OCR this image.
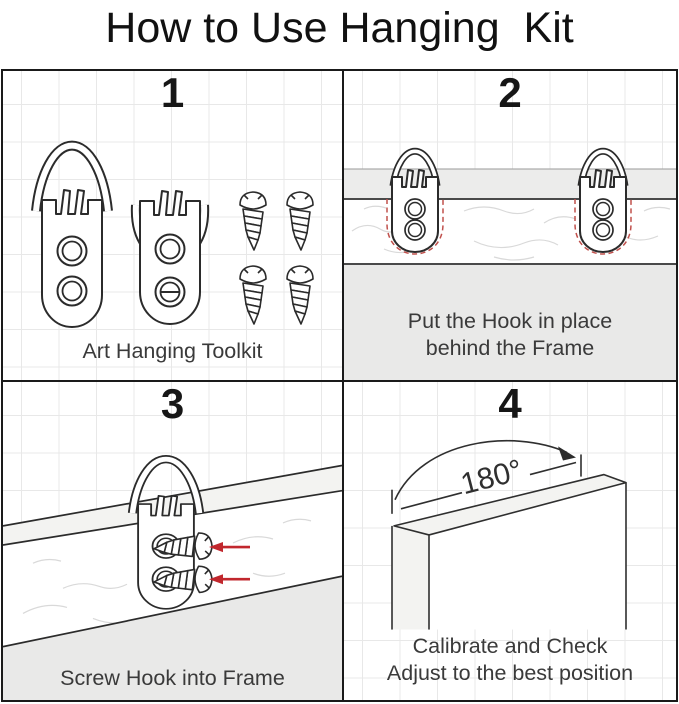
How to Use Hanging  Kit
1
Art Hanging Toolkit
2
Put the Hook in place
behind the Frame
3
Screw Hook into Frame
180°
4
Calibrate and Check
Adjust to the best position
